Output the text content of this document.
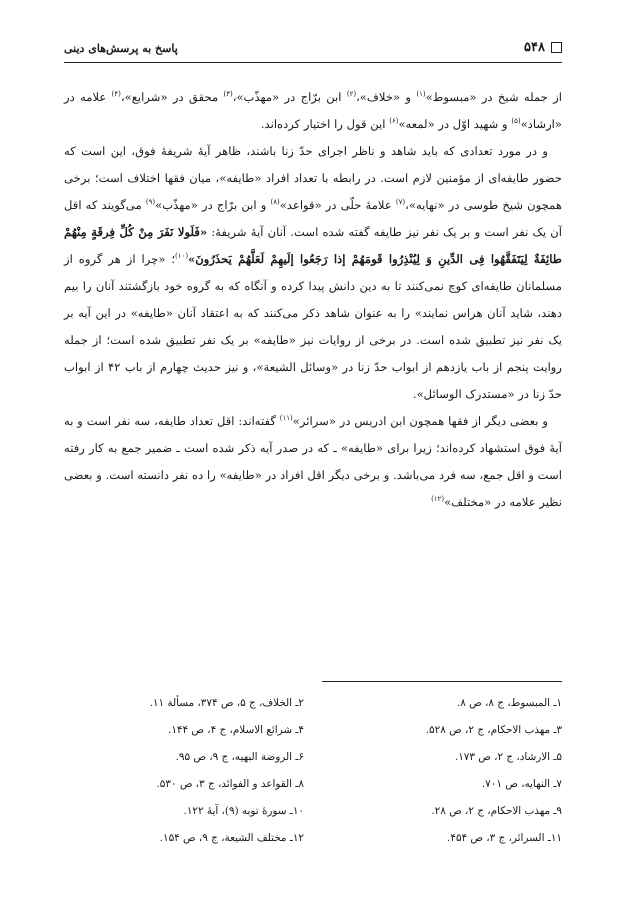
۵۴۸
پاسخ به پرسش‌های دینی

از جمله شیخ در «مبسوط»$^{(۱)}$ و «خلاف»،$^{(۲)}$ ابن برّاج در «مهذّب»،$^{(۳)}$ محقق در «شرایع»،$^{(۴)}$ علامه در «ارشاد»$^{(۵)}$ و شهید اوّل در «لمعه»$^{(۶)}$ این قول را اختیار کرده‌اند.

و در مورد تعدادی که باید شاهد و ناظر اجرای حدّ زنا باشند، ظاهر آیهٔ شریفهٔ فوق، این است که حضور طایفه‌ای از مؤمنین لازم است. در رابطه با تعداد افراد «طایفه»، میان فقها اختلاف است؛ برخی همچون شیخ طوسی در «نهایه»،$^{(۷)}$ علامهٔ حلّی در «قواعد»$^{(۸)}$ و ابن برّاج در «مهذّب»$^{(۹)}$ می‌گویند که اقل آن یک نفر است و بر یک نفر نیز طایفه گفته شده است. آنان آیهٔ شریفهٔ: «فَلَولا نَفَرَ مِنْ كُلِّ فِرقَةٍ مِنْهُمْ طائِفَةٌ لِيَتَفَقَّهُوا فِى الدِّينِ وَ لِيُنْذِرُوا قَومَهُمْ إذا رَجَعُوا إلَيهِمْ لَعَلَّهُمْ يَحذَرُونَ»$^{(۱۰)}$؛ «چرا از هر گروه از مسلمانان طایفه‌ای کوچ نمی‌کنند تا به دین دانش پیدا کرده و آنگاه که به گروه خود بازگشتند آنان را بیم دهند، شاید آنان هراس نمایند» را به عنوان شاهد ذکر می‌کنند که به اعتقاد آنان «طایفه» در این آیه بر یک نفر نیز تطبیق شده است. در برخی از روایات نیز «طایفه» بر یک نفر تطبیق شده است؛ از جمله روایت پنجم از باب یازدهم از ابواب حدّ زنا در «وسائل الشیعة»، و نیز حدیث چهارم از باب ۴۲ از ابواب حدّ زنا در «مستدرک الوسائل».

و بعضی دیگر از فقها همچون ابن ادریس در «سرائر»$^{(۱۱)}$ گفته‌اند: اقل تعداد طایفه، سه نفر است و به آیهٔ فوق استشهاد کرده‌اند؛ زیرا برای «طایفه» ـ که در صدر آیه ذکر شده است ـ ضمیر جمع به کار رفته است و اقل جمع، سه فرد می‌باشد. و برخی دیگر اقل افراد در «طایفه» را ده نفر دانسته است. و بعضی نظیر علامه در «مختلف»$^{(۱۲)}$

۱ـ المبسوط، ج ۸، ص ۸.
۲ـ الخلاف، ج ۵، ص ۳۷۴، مسألة ۱۱.
۳ـ مهذب الاحکام، ج ۲، ص ۵۲۸.
۴ـ شرائع الاسلام، ج ۴، ص ۱۴۴.
۵ـ الارشاد، ج ۲، ص ۱۷۳.
۶ـ الروضة البهيه، ج ۹، ص ۹۵.
۷ـ النهايه، ص ۷۰۱.
۸ـ القواعد و الفوائد، ج ۳، ص ۵۳۰.
۹ـ مهذب الاحكام، ج ۲، ص ۲۸.
۱۰ـ سورهٔ توبه (۹)، آيهٔ ۱۲۲.
۱۱ـ السرائر، ج ۳، ص ۴۵۴.
۱۲ـ مختلف الشيعة، ج ۹، ص ۱۵۴.
